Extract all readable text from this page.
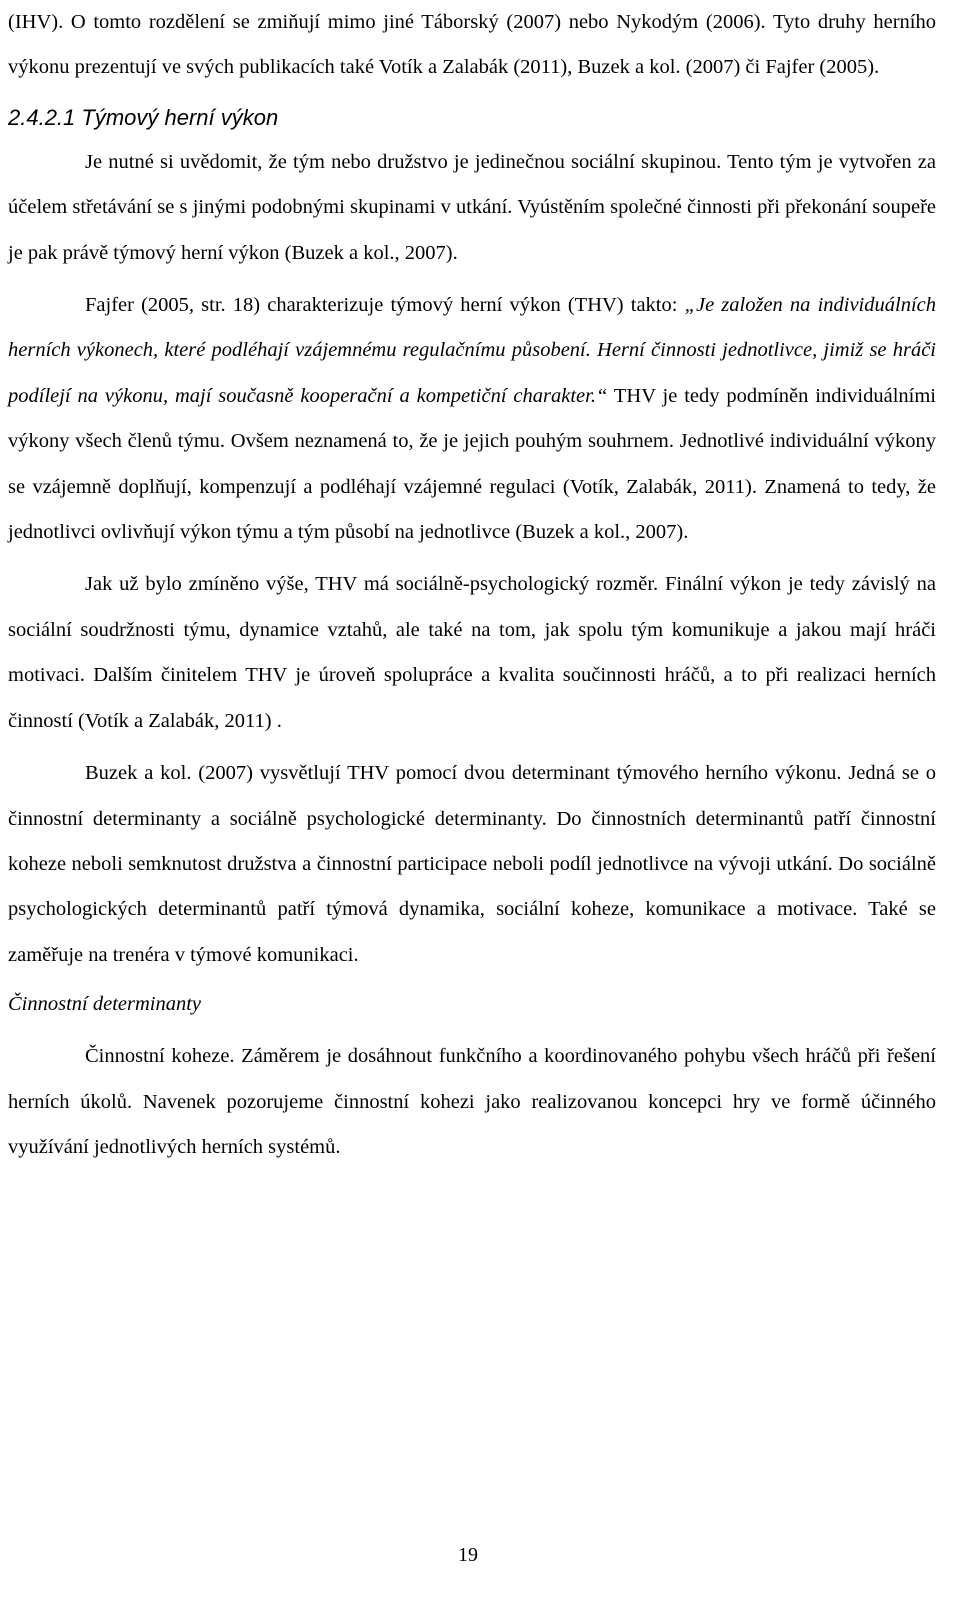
(IHV). O tomto rozdělení se zmiňují mimo jiné Táborský (2007) nebo Nykodým (2006). Tyto druhy herního výkonu prezentují ve svých publikacích také Votík a Zalabák (2011), Buzek a kol. (2007) či Fajfer (2005).

2.4.2.1 Týmový herní výkon

Je nutné si uvědomit, že tým nebo družstvo je jedinečnou sociální skupinou. Tento tým je vytvořen za účelem střetávání se s jinými podobnými skupinami v utkání. Vyústěním společné činnosti při překonání soupeře je pak právě týmový herní výkon (Buzek a kol., 2007).

Fajfer (2005, str. 18) charakterizuje týmový herní výkon (THV) takto: „Je založen na individuálních herních výkonech, které podléhají vzájemnému regulačnímu působení. Herní činnosti jednotlivce, jimiž se hráči podílejí na výkonu, mají současně kooperační a kompetiční charakter.“ THV je tedy podmíněn individuálními výkony všech členů týmu. Ovšem neznamená to, že je jejich pouhým souhrnem. Jednotlivé individuální výkony se vzájemně doplňují, kompenzují a podléhají vzájemné regulaci (Votík, Zalabák, 2011). Znamená to tedy, že jednotlivci ovlivňují výkon týmu a tým působí na jednotlivce (Buzek a kol., 2007).

Jak už bylo zmíněno výše, THV má sociálně-psychologický rozměr. Finální výkon je tedy závislý na sociální soudržnosti týmu, dynamice vztahů, ale také na tom, jak spolu tým komunikuje a jakou mají hráči motivaci. Dalším činitelem THV je úroveň spolupráce a kvalita součinnosti hráčů, a to při realizaci herních činností (Votík a Zalabák, 2011) .

Buzek a kol. (2007) vysvětlují THV pomocí dvou determinant týmového herního výkonu. Jedná se o činnostní determinanty a sociálně psychologické determinanty. Do činnostních determinantů patří činnostní koheze neboli semknutost družstva a činnostní participace neboli podíl jednotlivce na vývoji utkání. Do sociálně psychologických determinantů patří týmová dynamika, sociální koheze, komunikace a motivace. Také se zaměřuje na trenéra v týmové komunikaci.

Činnostní determinanty

Činnostní koheze. Záměrem je dosáhnout funkčního a koordinovaného pohybu všech hráčů při řešení herních úkolů. Navenek pozorujeme činnostní kohezi jako realizovanou koncepci hry ve formě účinného využívání jednotlivých herních systémů.

19
